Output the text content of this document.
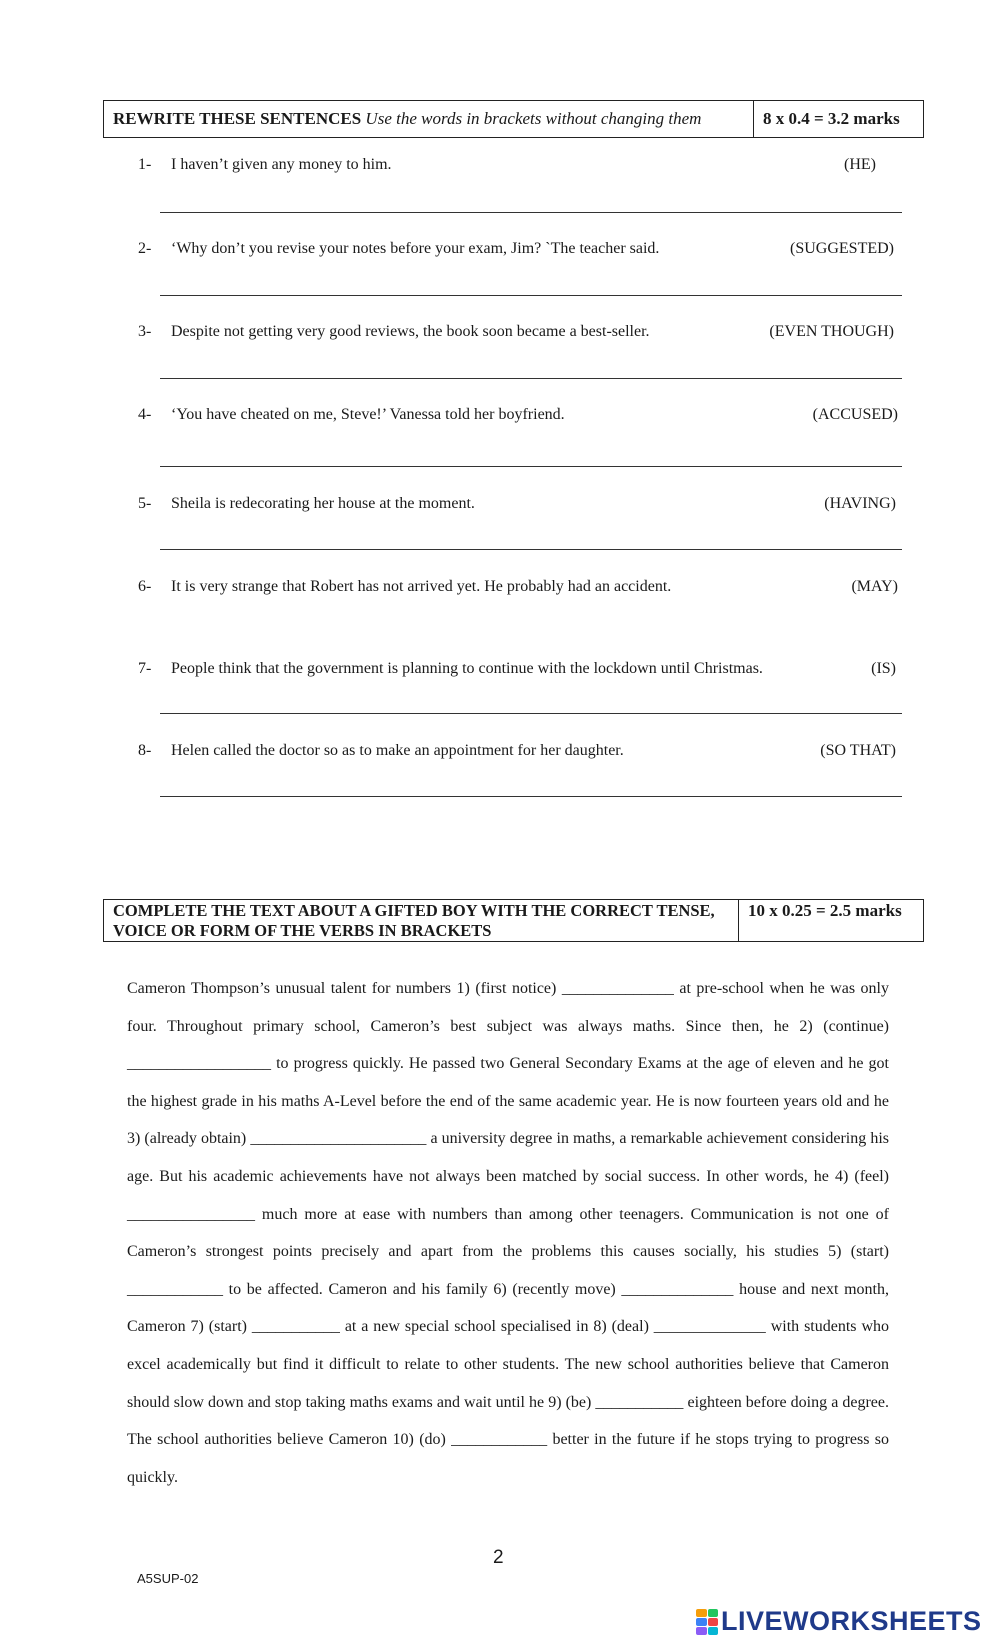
REWRITE THESE SENTENCES Use the words in brackets without changing them	8 x 0.4 = 3.2 marks
1- I haven’t given any money to him.	(HE)
2- ‘Why don’t you revise your notes before your exam, Jim? `The teacher said.	(SUGGESTED)
3- Despite not getting very good reviews, the book soon became a best-seller.	(EVEN THOUGH)
4- ‘You have cheated on me, Steve!’ Vanessa told her boyfriend.	(ACCUSED)
5- Sheila is redecorating her house at the moment.	(HAVING)
6- It is very strange that Robert has not arrived yet. He probably had an accident.	(MAY)
7- People think that the government is planning to continue with the lockdown until Christmas.	(IS)
8- Helen called the doctor so as to make an appointment for her daughter.	(SO THAT)
COMPLETE THE TEXT ABOUT A GIFTED BOY WITH THE CORRECT TENSE, VOICE OR FORM OF THE VERBS IN BRACKETS
10 x 0.25 = 2.5 marks
Cameron Thompson’s unusual talent for numbers 1) (first notice) ______________ at pre-school when he was only four. Throughout primary school, Cameron’s best subject was always maths. Since then, he 2) (continue) __________________ to progress quickly. He passed two General Secondary Exams at the age of eleven and he got the highest grade in his maths A-Level before the end of the same academic year. He is now fourteen years old and he 3) (already obtain) ______________________ a university degree in maths, a remarkable achievement considering his age. But his academic achievements have not always been matched by social success. In other words, he 4) (feel) ________________ much more at ease with numbers than among other teenagers. Communication is not one of Cameron’s strongest points precisely and apart from the problems this causes socially, his studies 5) (start) ____________ to be affected. Cameron and his family 6) (recently move) ______________ house and next month, Cameron 7) (start) ___________ at a new special school specialised in 8) (deal) ______________ with students who excel academically but find it difficult to relate to other students. The new school authorities believe that Cameron should slow down and stop taking maths exams and wait until he 9) (be) ___________ eighteen before doing a degree. The school authorities believe Cameron 10) (do) ____________ better in the future if he stops trying to progress so quickly.
2
A5SUP-02
LIVEWORKSHEETS
